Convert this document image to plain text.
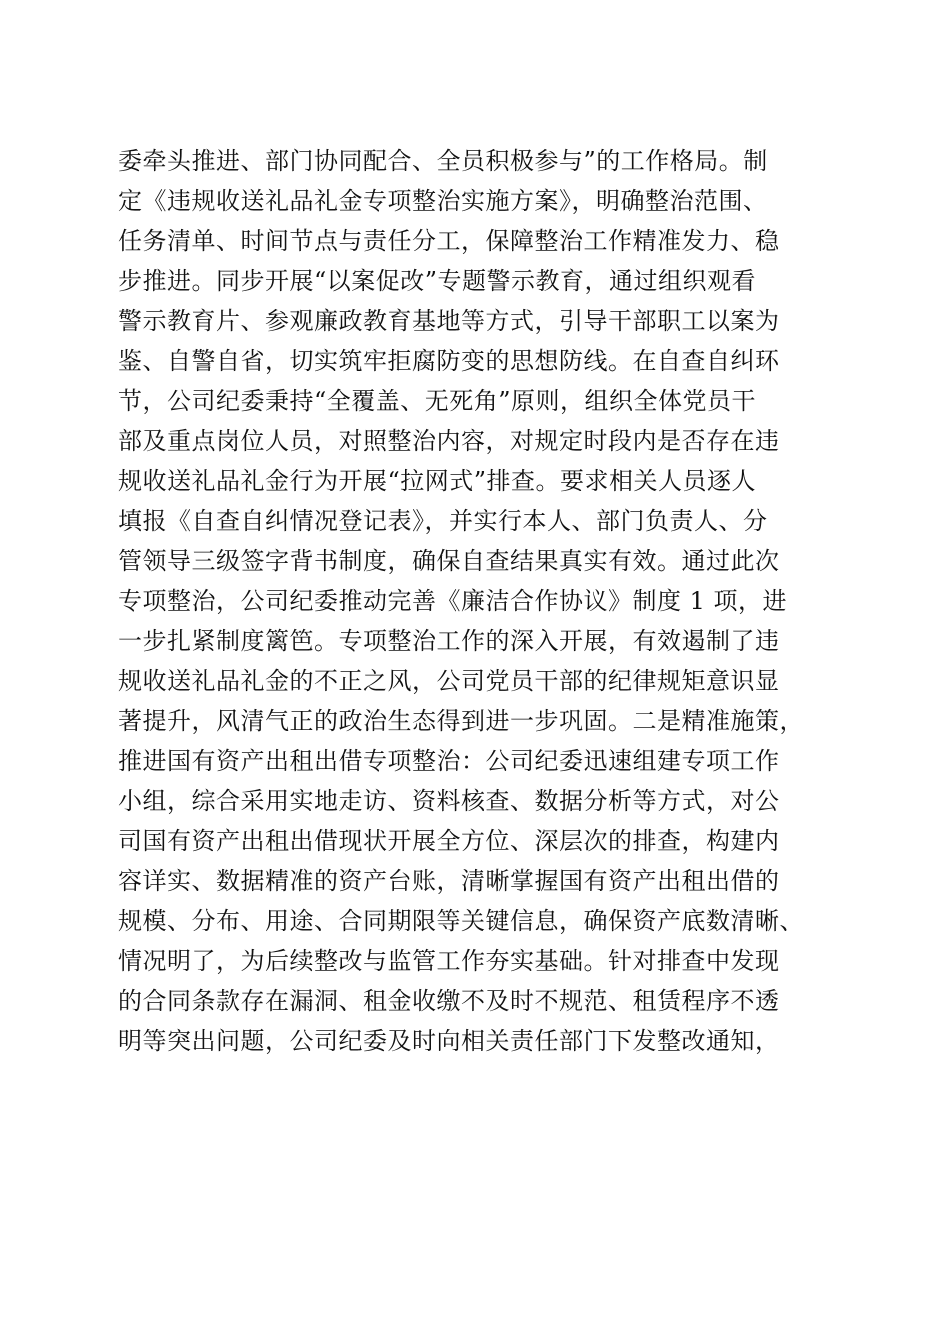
委牵头推进、部门协同配合、全员积极参与”的工作格局。制
定《违规收送礼品礼金专项整治实施方案》，明确整治范围、
任务清单、时间节点与责任分工，保障整治工作精准发力、稳
步推进。同步开展“以案促改”专题警示教育，通过组织观看
警示教育片、参观廉政教育基地等方式，引导干部职工以案为
鉴、自警自省，切实筑牢拒腐防变的思想防线。在自查自纠环
节，公司纪委秉持“全覆盖、无死角”原则，组织全体党员干
部及重点岗位人员，对照整治内容，对规定时段内是否存在违
规收送礼品礼金行为开展“拉网式”排查。要求相关人员逐人
填报《自查自纠情况登记表》，并实行本人、部门负责人、分
管领导三级签字背书制度，确保自查结果真实有效。通过此次
专项整治，公司纪委推动完善《廉洁合作协议》制度 1 项，进
一步扎紧制度篱笆。专项整治工作的深入开展，有效遏制了违
规收送礼品礼金的不正之风，公司党员干部的纪律规矩意识显
著提升，风清气正的政治生态得到进一步巩固。二是精准施策，
推进国有资产出租出借专项整治：公司纪委迅速组建专项工作
小组，综合采用实地走访、资料核查、数据分析等方式，对公
司国有资产出租出借现状开展全方位、深层次的排查，构建内
容详实、数据精准的资产台账，清晰掌握国有资产出租出借的
规模、分布、用途、合同期限等关键信息，确保资产底数清晰、
情况明了，为后续整改与监管工作夯实基础。针对排查中发现
的合同条款存在漏洞、租金收缴不及时不规范、租赁程序不透
明等突出问题，公司纪委及时向相关责任部门下发整改通知，
